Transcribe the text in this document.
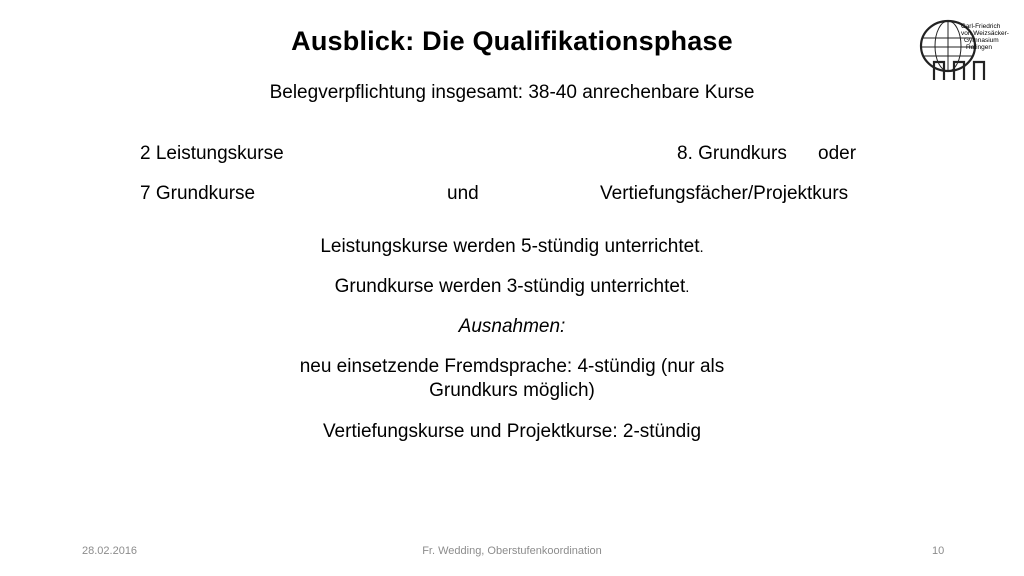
Ausblick: Die Qualifikationsphase
Belegverpflichtung insgesamt: 38-40 anrechenbare Kurse
2 Leistungskurse	8. Grundkurs oder
7 Grundkurse	und	Vertiefungsfächer/Projektkurs
Leistungskurse werden 5-stündig unterrichtet.
Grundkurse werden 3-stündig unterrichtet.
Ausnahmen:
neu einsetzende Fremdsprache: 4-stündig (nur als
Grundkurs möglich)
Vertiefungskurse und Projektkurse: 2-stündig
Carl-Friedrich
von Weizsäcker-
Gymnasium
Ratingen
28.02.2016	Fr. Wedding, Oberstufenkoordination	10
